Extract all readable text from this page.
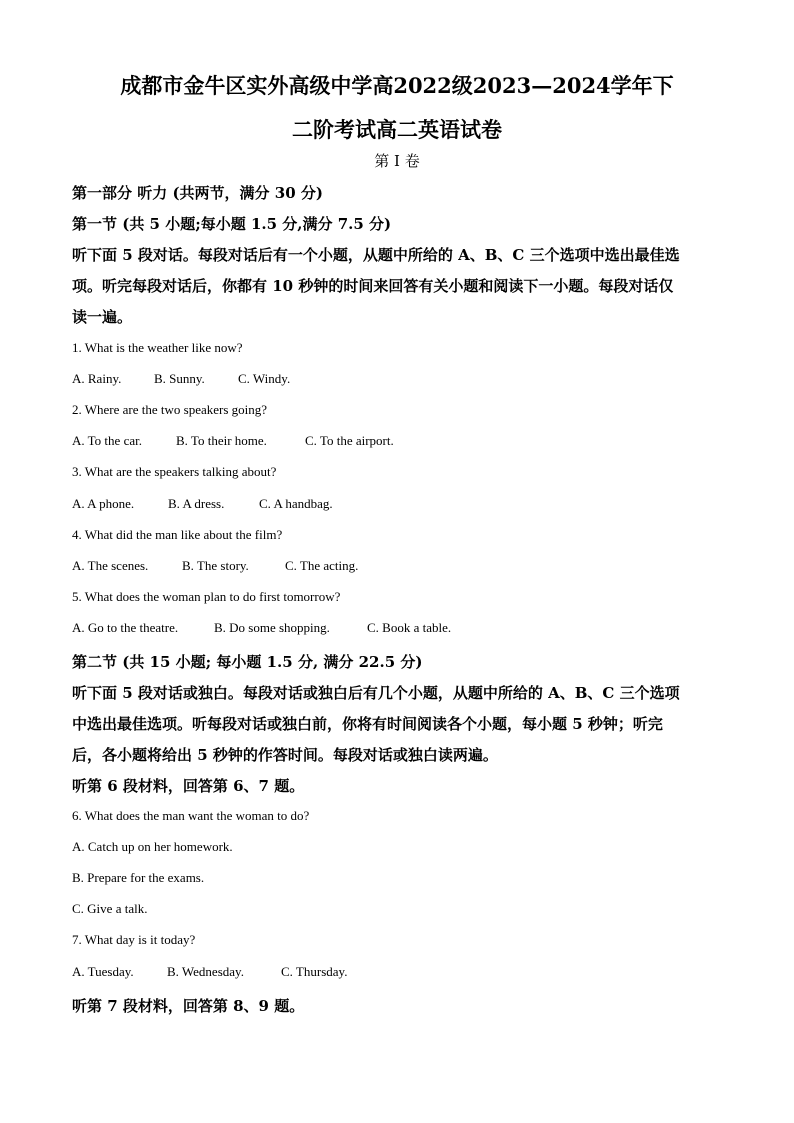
成都市金牛区实外高级中学高2022级2023—2024学年下
二阶考试高二英语试卷
第 I 卷
第一部分 听力 (共两节，满分 30 分)
第一节 (共 5 小题;每小题 1.5 分,满分 7.5 分)
听下面 5 段对话。每段对话后有一个小题，从题中所给的 A、B、C 三个选项中选出最佳选
项。听完每段对话后，你都有 10 秒钟的时间来回答有关小题和阅读下一小题。每段对话仅
读一遍。
1. What is the weather like now?
A. Rainy.	B. Sunny.	C. Windy.
2. Where are the two speakers going?
A. To the car.	B. To their home.	C. To the airport.
3. What are the speakers talking about?
A. A phone.	B. A dress.	C. A handbag.
4. What did the man like about the film?
A. The scenes.	B. The story.	C. The acting.
5. What does the woman plan to do first tomorrow?
A. Go to the theatre.	B. Do some shopping.	C. Book a table.
第二节 (共 15 小题; 每小题 1.5 分, 满分 22.5 分)
听下面 5 段对话或独白。每段对话或独白后有几个小题，从题中所给的 A、B、C 三个选项
中选出最佳选项。听每段对话或独白前，你将有时间阅读各个小题，每小题 5 秒钟；听完
后，各小题将给出 5 秒钟的作答时间。每段对话或独白读两遍。
听第 6 段材料，回答第 6、7 题。
6. What does the man want the woman to do?
A. Catch up on her homework.
B. Prepare for the exams.
C. Give a talk.
7. What day is it today?
A. Tuesday.	B. Wednesday.	C. Thursday.
听第 7 段材料，回答第 8、9 题。
